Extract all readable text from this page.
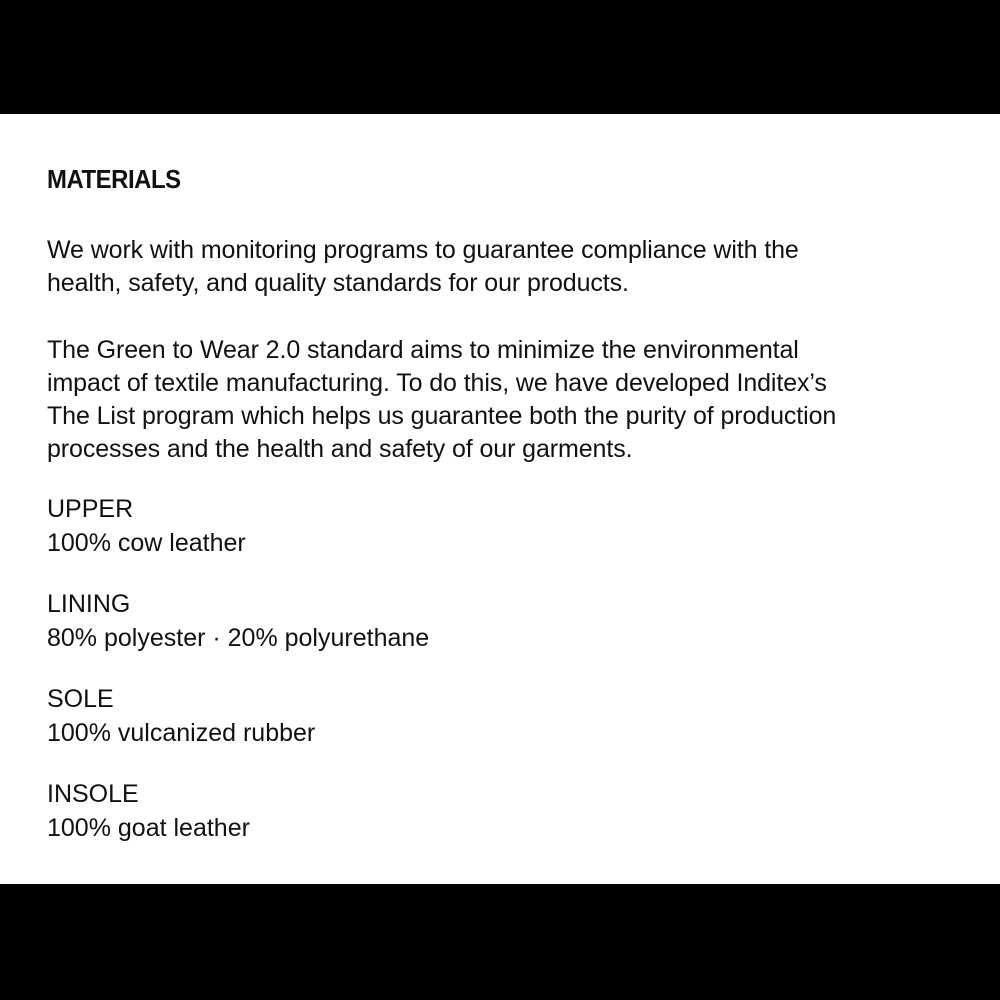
MATERIALS

We work with monitoring programs to guarantee compliance with the
health, safety, and quality standards for our products.

The Green to Wear 2.0 standard aims to minimize the environmental
impact of textile manufacturing. To do this, we have developed Inditex’s
The List program which helps us guarantee both the purity of production
processes and the health and safety of our garments.

UPPER
100% cow leather
LINING
80% polyester · 20% polyurethane
SOLE
100% vulcanized rubber
INSOLE
100% goat leather
